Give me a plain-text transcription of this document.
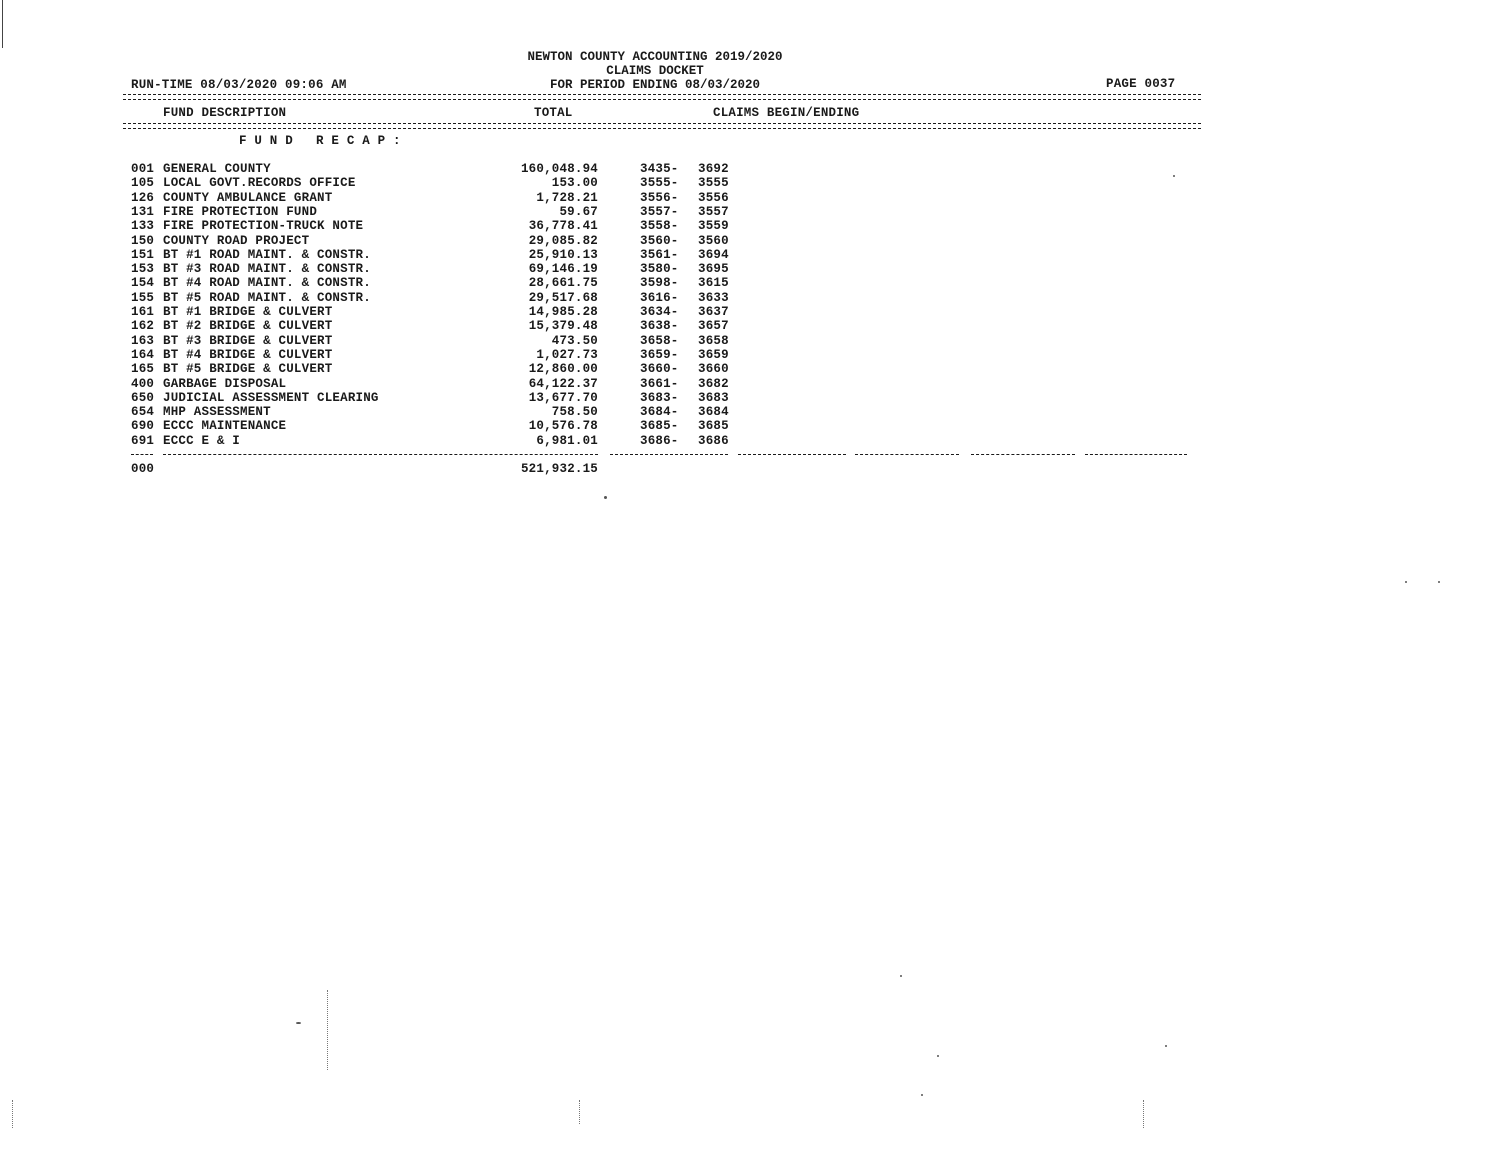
NEWTON COUNTY ACCOUNTING 2019/2020
CLAIMS DOCKET
FOR PERIOD ENDING 08/03/2020
RUN-TIME 08/03/2020 09:06 AM	PAGE 0037
FUND DESCRIPTION	TOTAL	CLAIMS BEGIN/ENDING
F U N D   R E C A P :
001 GENERAL COUNTY	160,048.94	3435- 3692
105 LOCAL GOVT.RECORDS OFFICE	153.00	3555- 3555
126 COUNTY AMBULANCE GRANT	1,728.21	3556- 3556
131 FIRE PROTECTION FUND	59.67	3557- 3557
133 FIRE PROTECTION-TRUCK NOTE	36,778.41	3558- 3559
150 COUNTY ROAD PROJECT	29,085.82	3560- 3560
151 BT #1 ROAD MAINT. & CONSTR.	25,910.13	3561- 3694
153 BT #3 ROAD MAINT. & CONSTR.	69,146.19	3580- 3695
154 BT #4 ROAD MAINT. & CONSTR.	28,661.75	3598- 3615
155 BT #5 ROAD MAINT. & CONSTR.	29,517.68	3616- 3633
161 BT #1 BRIDGE & CULVERT	14,985.28	3634- 3637
162 BT #2 BRIDGE & CULVERT	15,379.48	3638- 3657
163 BT #3 BRIDGE & CULVERT	473.50	3658- 3658
164 BT #4 BRIDGE & CULVERT	1,027.73	3659- 3659
165 BT #5 BRIDGE & CULVERT	12,860.00	3660- 3660
400 GARBAGE DISPOSAL	64,122.37	3661- 3682
650 JUDICIAL ASSESSMENT CLEARING	13,677.70	3683- 3683
654 MHP ASSESSMENT	758.50	3684- 3684
690 ECCC MAINTENANCE	10,576.78	3685- 3685
691 ECCC E & I	6,981.01	3686- 3686
000	521,932.15
